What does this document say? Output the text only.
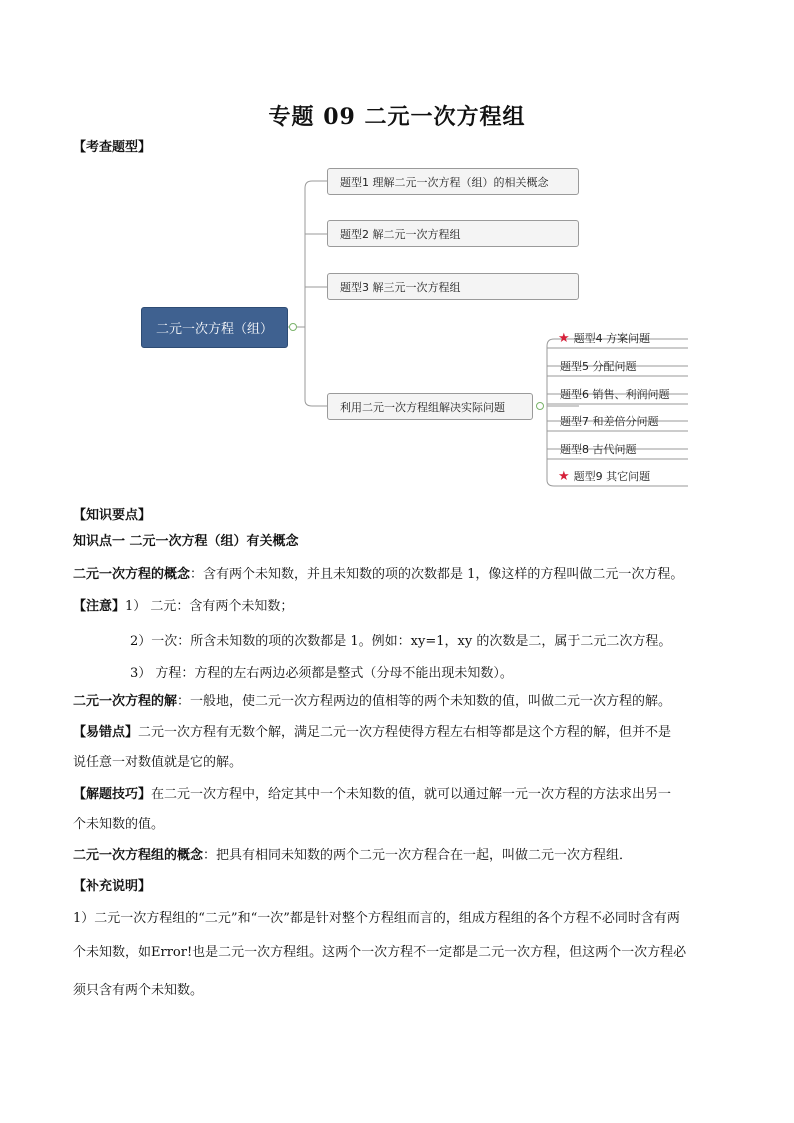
专题 09 二元一次方程组
【考查题型】
二元一次方程（组）
题型1 理解二元一次方程（组）的相关概念
题型2 解二元一次方程组
题型3 解三元一次方程组
利用二元一次方程组解决实际问题
★ 题型4 方案问题
题型5 分配问题
题型6 销售、利润问题
题型7 和差倍分问题
题型8 古代问题
★ 题型9 其它问题
【知识要点】
知识点一 二元一次方程（组）有关概念
二元一次方程的概念：含有两个未知数，并且未知数的项的次数都是 1，像这样的方程叫做二元一次方程。
【注意】1） 二元：含有两个未知数；
2）一次：所含未知数的项的次数都是 1。例如：xy=1，xy 的次数是二，属于二元二次方程。
3） 方程：方程的左右两边必须都是整式（分母不能出现未知数）。
二元一次方程的解：一般地，使二元一次方程两边的值相等的两个未知数的值，叫做二元一次方程的解。
【易错点】二元一次方程有无数个解，满足二元一次方程使得方程左右相等都是这个方程的解，但并不是
说任意一对数值就是它的解。
【解题技巧】在二元一次方程中，给定其中一个未知数的值，就可以通过解一元一次方程的方法求出另一
个未知数的值。
二元一次方程组的概念：把具有相同未知数的两个二元一次方程合在一起，叫做二元一次方程组．
【补充说明】
1）二元一次方程组的“二元”和“一次”都是针对整个方程组而言的，组成方程组的各个方程不必同时含有两
个未知数，如Error!也是二元一次方程组。这两个一次方程不一定都是二元一次方程，但这两个一次方程必
须只含有两个未知数。
